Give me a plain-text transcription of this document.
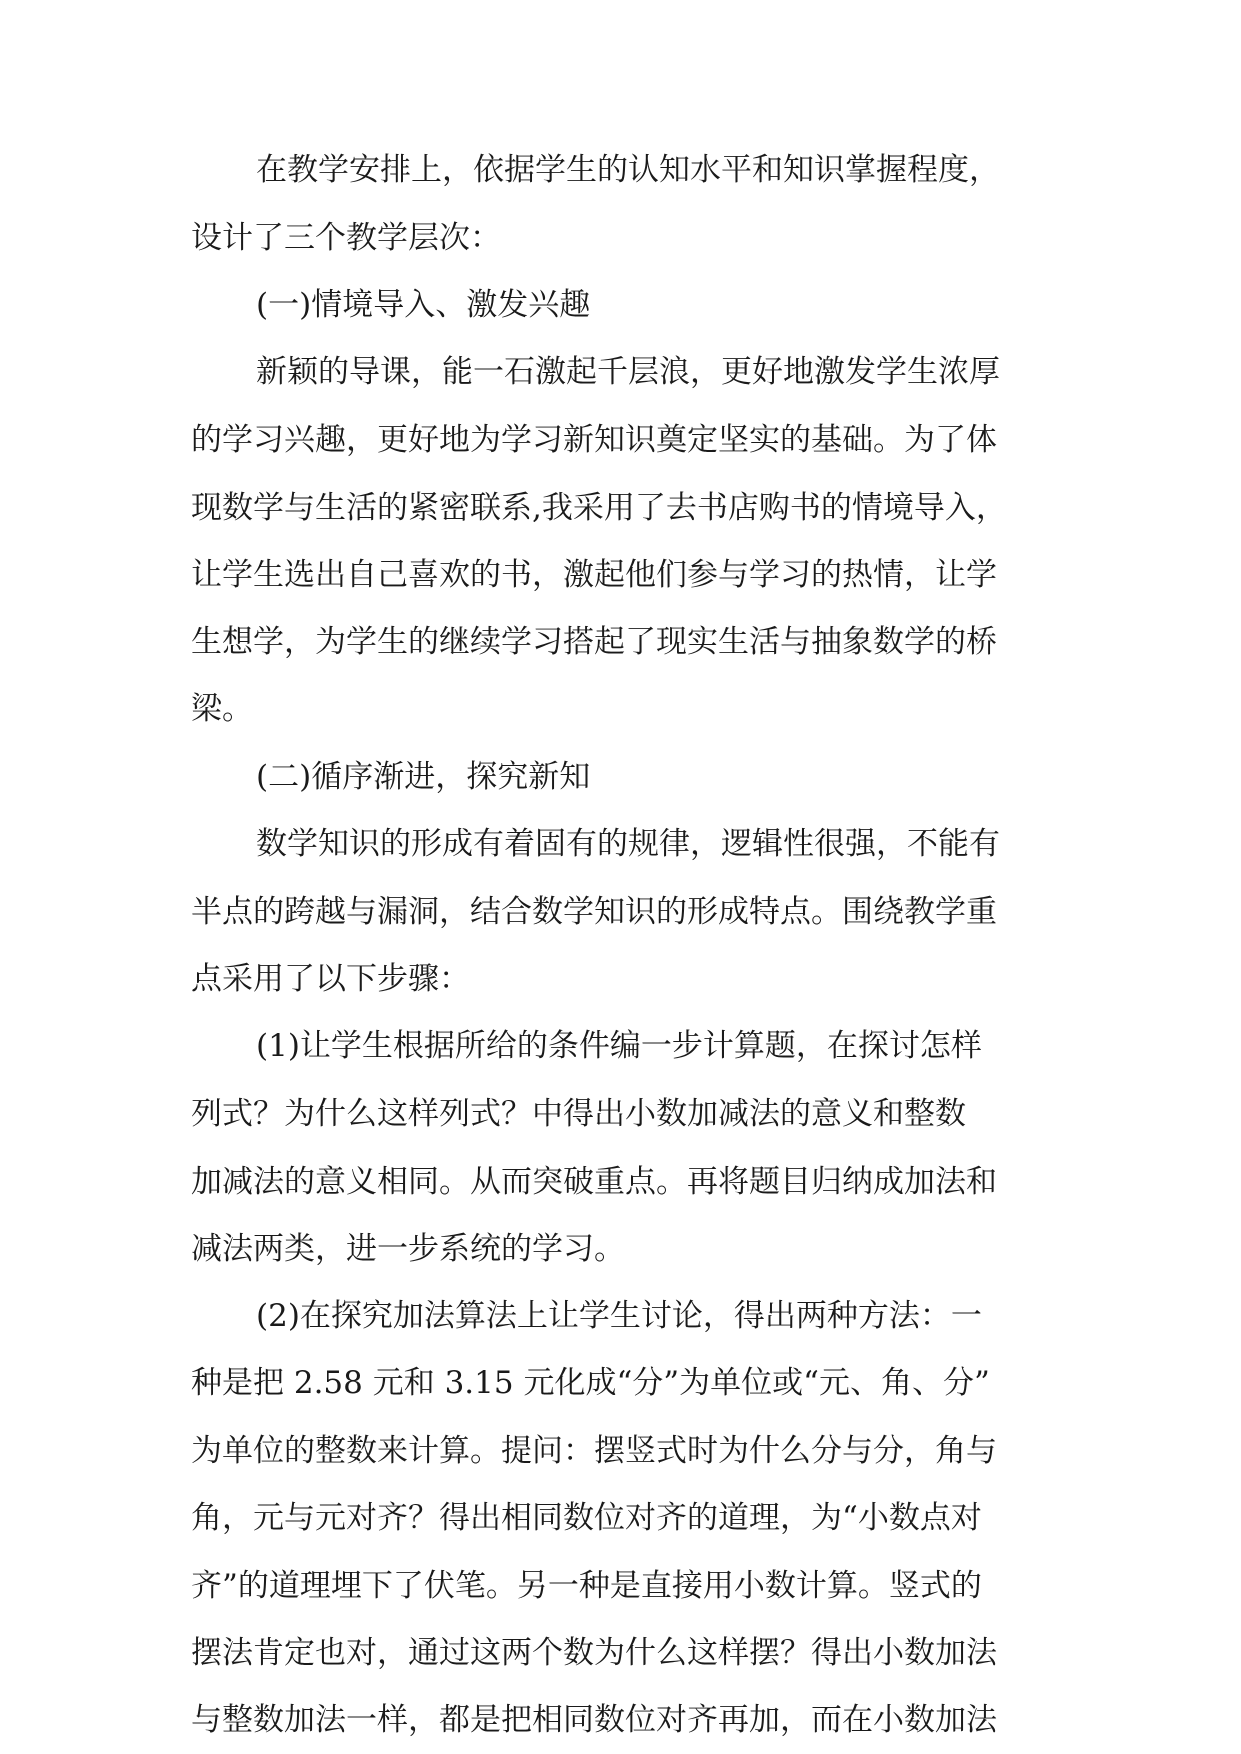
在教学安排上，依据学生的认知水平和知识掌握程度，
设计了三个教学层次：
(一)情境导入、激发兴趣
新颖的导课，能一石激起千层浪，更好地激发学生浓厚
的学习兴趣，更好地为学习新知识奠定坚实的基础。为了体
现数学与生活的紧密联系,我采用了去书店购书的情境导入，
让学生选出自己喜欢的书，激起他们参与学习的热情，让学
生想学，为学生的继续学习搭起了现实生活与抽象数学的桥
梁。
(二)循序渐进，探究新知
数学知识的形成有着固有的规律，逻辑性很强，不能有
半点的跨越与漏洞，结合数学知识的形成特点。围绕教学重
点采用了以下步骤：
(1)让学生根据所给的条件编一步计算题，在探讨怎样
列式？为什么这样列式？中得出小数加减法的意义和整数
加减法的意义相同。从而突破重点。再将题目归纳成加法和
减法两类，进一步系统的学习。
(2)在探究加法算法上让学生讨论，得出两种方法：一
种是把 2.58 元和 3.15 元化成“分”为单位或“元、角、分”
为单位的整数来计算。提问：摆竖式时为什么分与分，角与
角，元与元对齐？得出相同数位对齐的道理，为“小数点对
齐”的道理埋下了伏笔。另一种是直接用小数计算。竖式的
摆法肯定也对，通过这两个数为什么这样摆？得出小数加法
与整数加法一样，都是把相同数位对齐再加，而在小数加法
